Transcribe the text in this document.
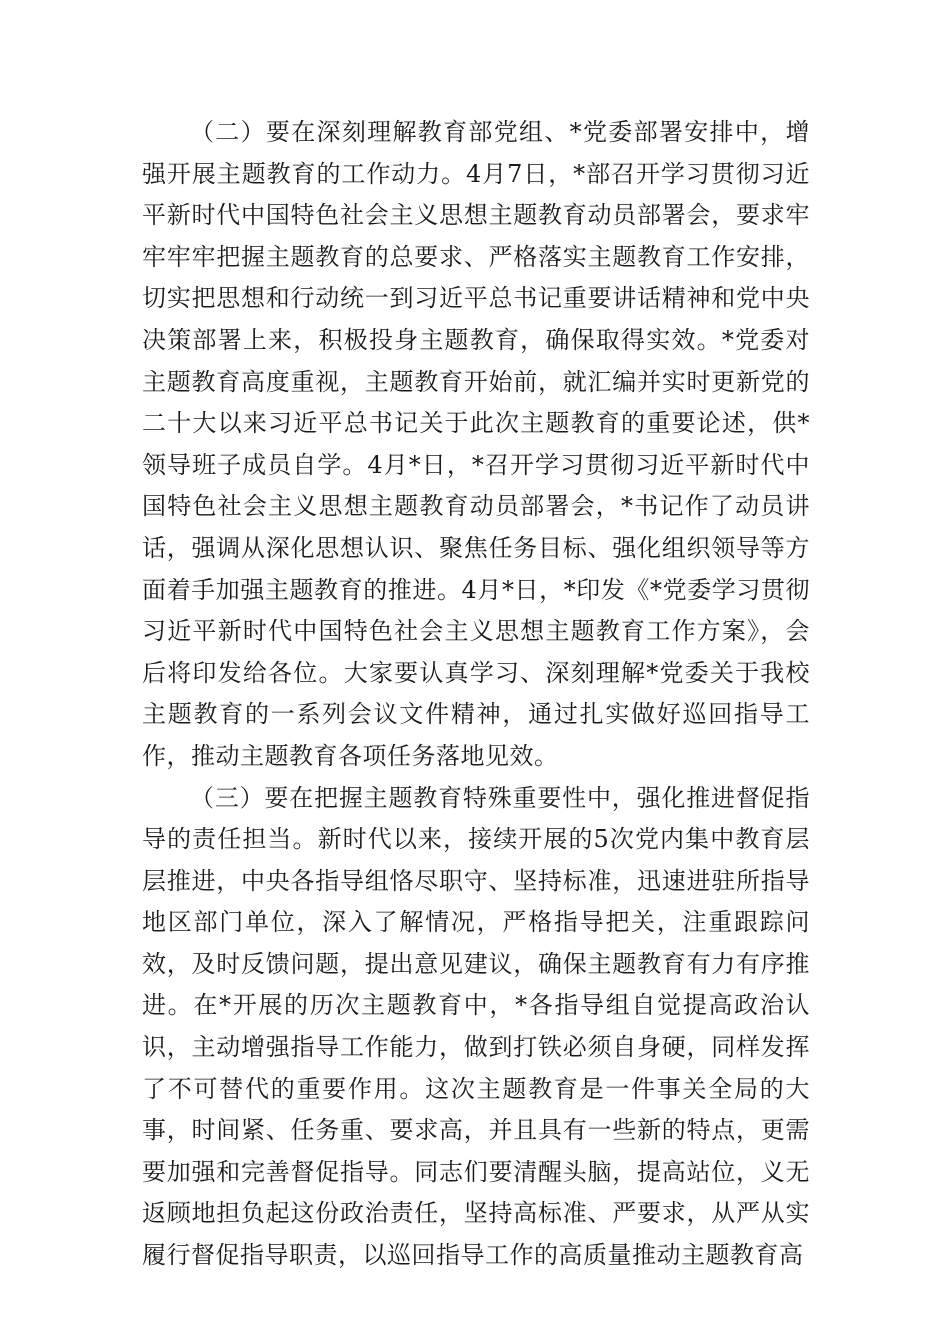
（二）要在深刻理解教育部党组、*党委部署安排中，增强开展主题教育的工作动力。4月7日，*部召开学习贯彻习近平新时代中国特色社会主义思想主题教育动员部署会，要求牢牢牢牢把握主题教育的总要求、严格落实主题教育工作安排，切实把思想和行动统一到习近平总书记重要讲话精神和党中央决策部署上来，积极投身主题教育，确保取得实效。*党委对主题教育高度重视，主题教育开始前，就汇编并实时更新党的二十大以来习近平总书记关于此次主题教育的重要论述，供*领导班子成员自学。4月*日，*召开学习贯彻习近平新时代中国特色社会主义思想主题教育动员部署会，*书记作了动员讲话，强调从深化思想认识、聚焦任务目标、强化组织领导等方面着手加强主题教育的推进。4月*日，*印发《*党委学习贯彻习近平新时代中国特色社会主义思想主题教育工作方案》，会后将印发给各位。大家要认真学习、深刻理解*党委关于我校主题教育的一系列会议文件精神，通过扎实做好巡回指导工作，推动主题教育各项任务落地见效。

（三）要在把握主题教育特殊重要性中，强化推进督促指导的责任担当。新时代以来，接续开展的5次党内集中教育层层推进，中央各指导组恪尽职守、坚持标准，迅速进驻所指导地区部门单位，深入了解情况，严格指导把关，注重跟踪问效，及时反馈问题，提出意见建议，确保主题教育有力有序推进。在*开展的历次主题教育中，*各指导组自觉提高政治认识，主动增强指导工作能力，做到打铁必须自身硬，同样发挥了不可替代的重要作用。这次主题教育是一件事关全局的大事，时间紧、任务重、要求高，并且具有一些新的特点，更需要加强和完善督促指导。同志们要清醒头脑，提高站位，义无返顾地担负起这份政治责任，坚持高标准、严要求，从严从实履行督促指导职责，以巡回指导工作的高质量推动主题教育高
